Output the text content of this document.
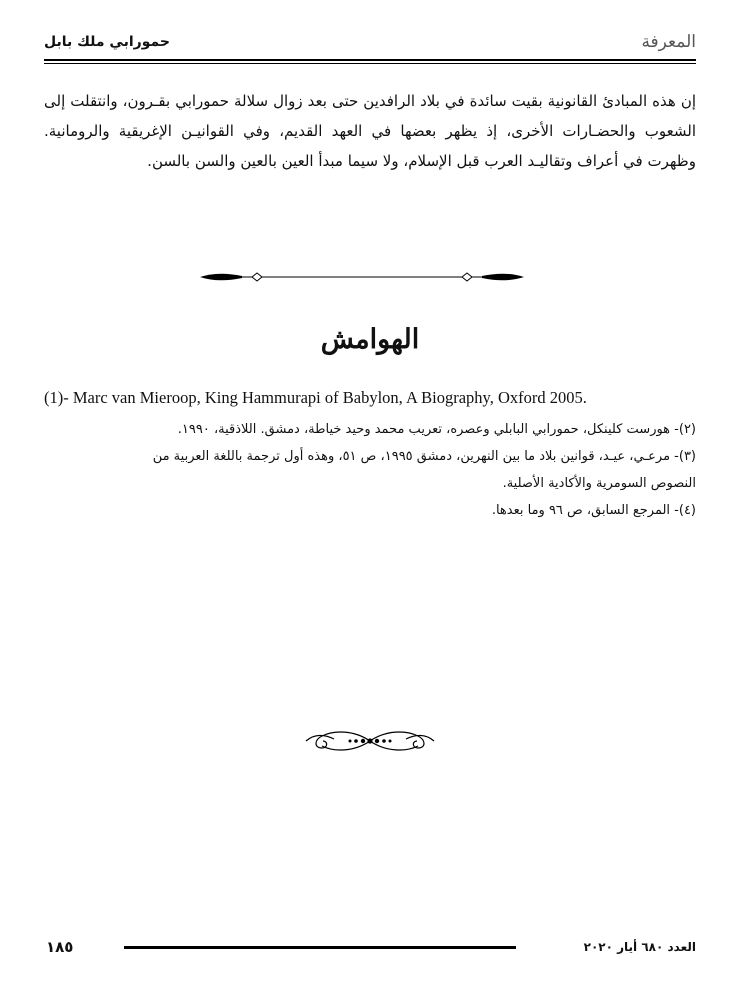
المعرفة
حمورابي ملك بابل

إن هذه المبادئ القانونية بقيت سائدة في بلاد الرافدين حتى بعد زوال سلالة حمورابي بقـرون، وانتقلت إلى الشعوب والحضـارات الأخرى، إذ يظهر بعضها في العهد القديم، وفي القوانيـن الإغريقية والرومانية. وظهرت في أعراف وتقاليـد العرب قبل الإسلام، ولا سيما مبدأ العين بالعين والسن بالسن.

الهوامش

(1)- Marc van Mieroop, King Hammurapi of Babylon, A Biography, Oxford 2005.

(٢)- هورست كلينكل، حمورابي البابلي وعصره، تعريب محمد وحيد خياطة، دمشق. اللاذقية، ١٩٩٠.

(٣)- مرعـي، عيـد، قوانين بلاد ما بين النهرين، دمشق ١٩٩٥، ص ٥١، وهذه أول ترجمة باللغة العربية من

النصوص السومرية والأكادية الأصلية.

(٤)- المرجع السابق، ص ٩٦ وما بعدها.

١٨٥	العدد ٦٨٠ أيار ٢٠٢٠
